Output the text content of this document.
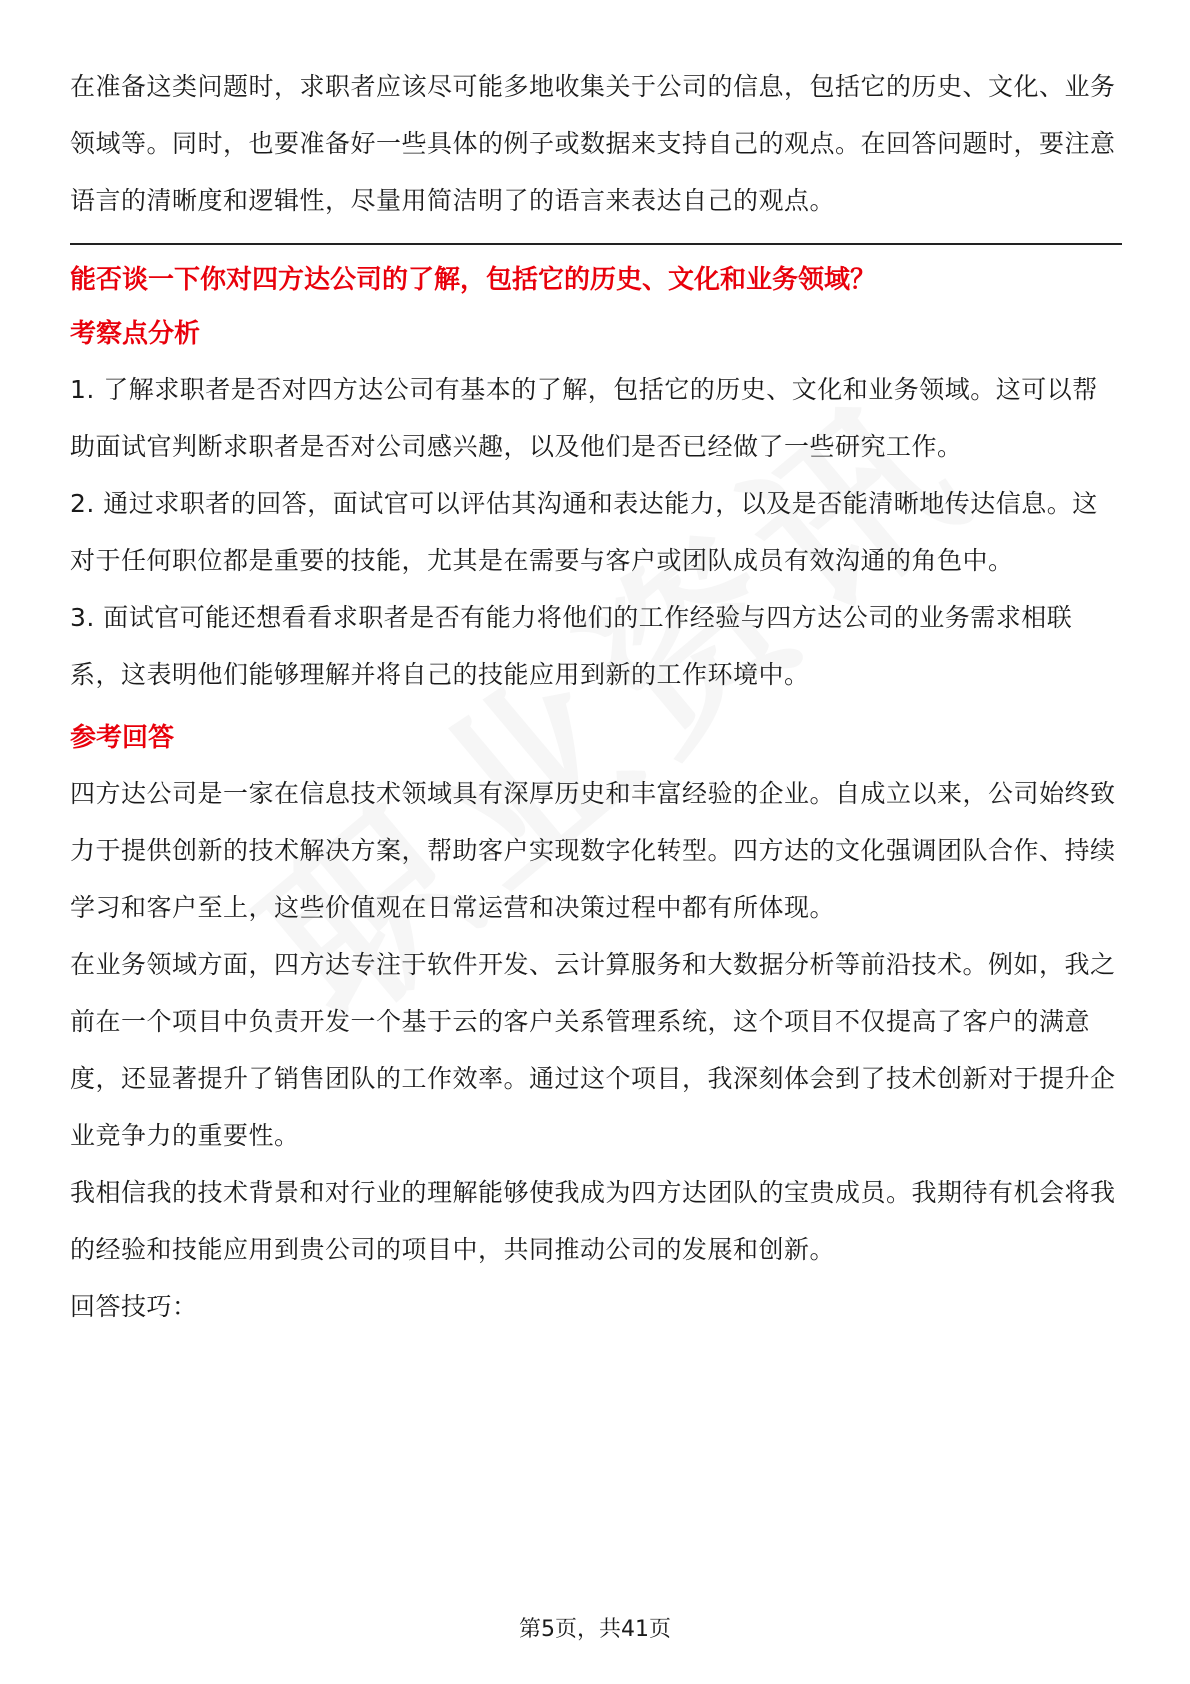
在准备这类问题时，求职者应该尽可能多地收集关于公司的信息，包括它的历史、文化、业务领域等。同时，也要准备好一些具体的例子或数据来支持自己的观点。在回答问题时，要注意语言的清晰度和逻辑性，尽量用简洁明了的语言来表达自己的观点。

能否谈一下你对四方达公司的了解，包括它的历史、文化和业务领域？

考察点分析

1. 了解求职者是否对四方达公司有基本的了解，包括它的历史、文化和业务领域。这可以帮助面试官判断求职者是否对公司感兴趣，以及他们是否已经做了一些研究工作。

2. 通过求职者的回答，面试官可以评估其沟通和表达能力，以及是否能清晰地传达信息。这对于任何职位都是重要的技能，尤其是在需要与客户或团队成员有效沟通的角色中。

3. 面试官可能还想看看求职者是否有能力将他们的工作经验与四方达公司的业务需求相联系，这表明他们能够理解并将自己的技能应用到新的工作环境中。

参考回答

四方达公司是一家在信息技术领域具有深厚历史和丰富经验的企业。自成立以来，公司始终致力于提供创新的技术解决方案，帮助客户实现数字化转型。四方达的文化强调团队合作、持续学习和客户至上，这些价值观在日常运营和决策过程中都有所体现。

在业务领域方面，四方达专注于软件开发、云计算服务和大数据分析等前沿技术。例如，我之前在一个项目中负责开发一个基于云的客户关系管理系统，这个项目不仅提高了客户的满意度，还显著提升了销售团队的工作效率。通过这个项目，我深刻体会到了技术创新对于提升企业竞争力的重要性。

我相信我的技术背景和对行业的理解能够使我成为四方达团队的宝贵成员。我期待有机会将我的经验和技能应用到贵公司的项目中，共同推动公司的发展和创新。

回答技巧：

第5页，共41页
